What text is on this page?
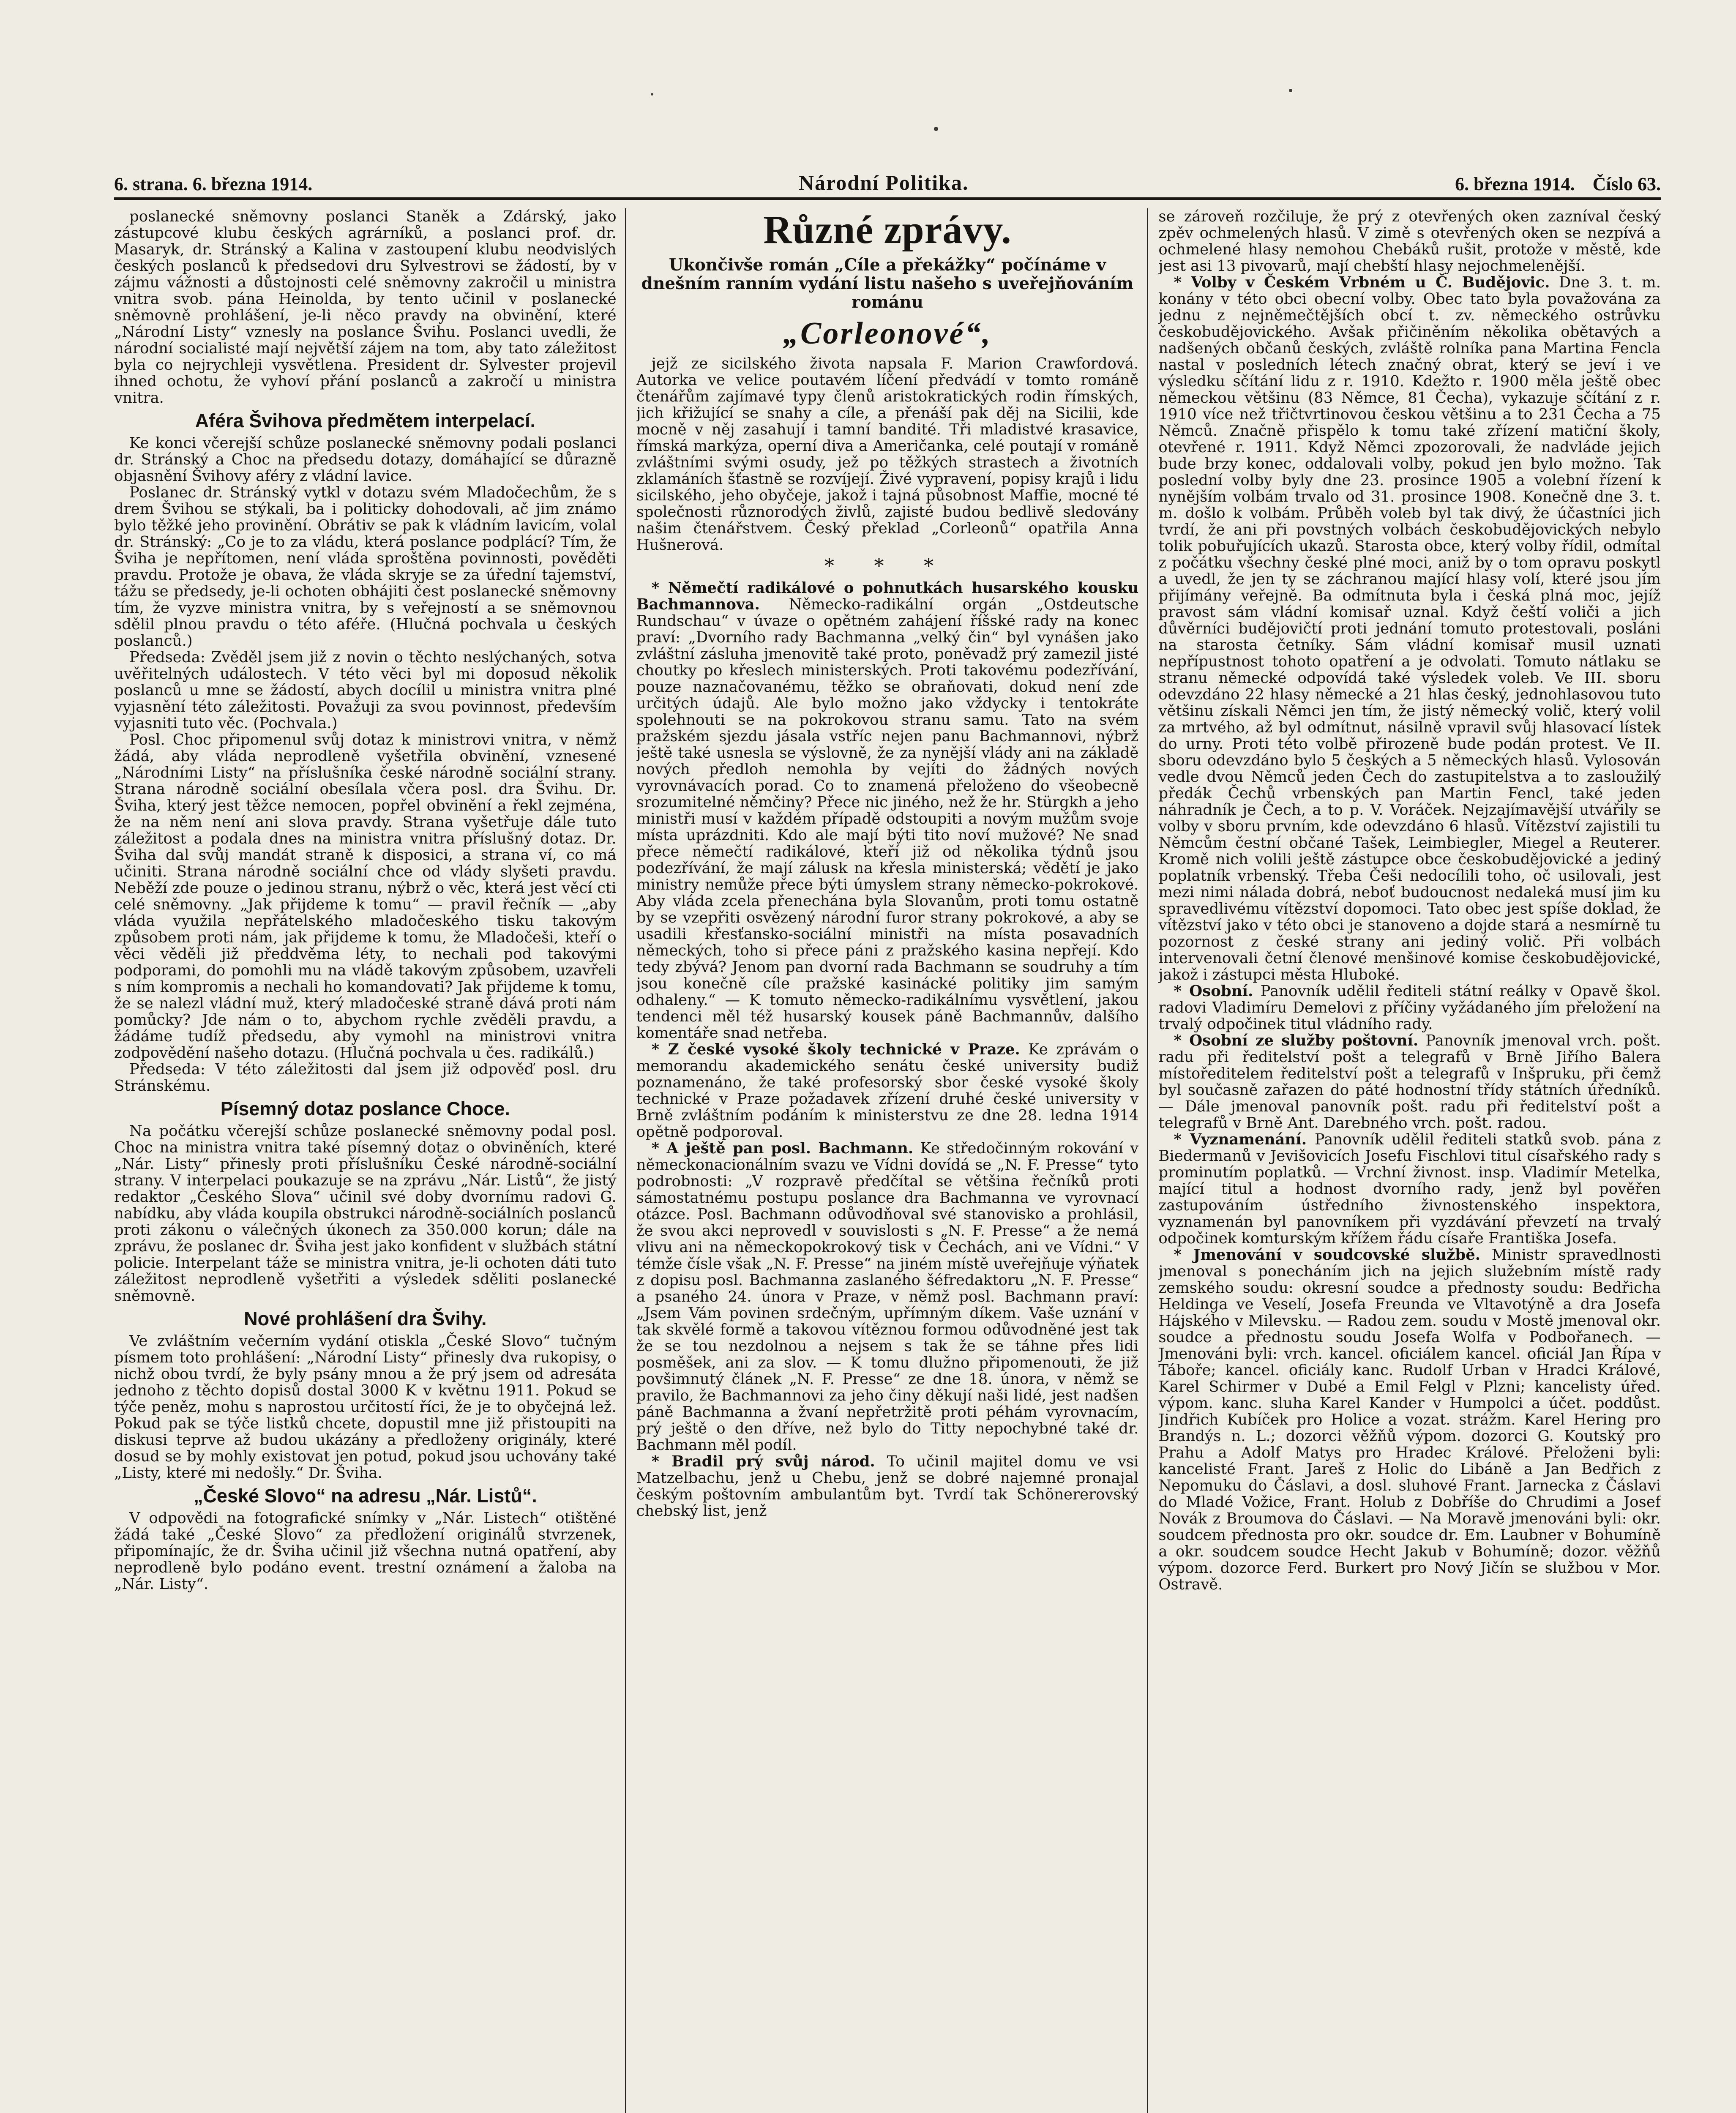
6. strana. 6. března 1914.	Národní Politika.	6. března 1914. Číslo 63.

poslanecké sněmovny poslanci Staněk a Zdárský, jako zástupcové klubu českých agrárníků, a poslanci prof. dr. Masaryk, dr. Stránský a Kalina v zastoupení klubu neodvislých českých poslanců k předsedovi dru Sylvestrovi se žádostí, by v zájmu vážnosti a důstojnosti celé sněmovny zakročil u ministra vnitra svob. pána Heinolda, by tento učinil v poslanecké sněmovně prohlášení, je-li něco pravdy na obvinění, které „Národní Listy“ vznesly na poslance Švihu. Poslanci uvedli, že národní socialisté mají největší zájem na tom, aby tato záležitost byla co nejrychleji vysvětlena. President dr. Sylvester projevil ihned ochotu, že vyhoví přání poslanců a zakročí u ministra vnitra.

Aféra Švihova předmětem interpelací.

Ke konci včerejší schůze poslanecké sněmovny podali poslanci dr. Stránský a Choc na předsedu dotazy, domáhající se důrazně objasnění Švihovy aféry z vládní lavice.

Poslanec dr. Stránský vytkl v dotazu svém Mladočechům, že s drem Švihou se stýkali, ba i politicky dohodovali, ač jim známo bylo těžké jeho provinění. Obrátiv se pak k vládním lavicím, volal dr. Stránský: „Co je to za vládu, která poslance podplácí? Tím, že Šviha je nepřítomen, není vláda sproštěna povinnosti, pověděti pravdu. Protože je obava, že vláda skryje se za úřední tajemství, tážu se předsedy, je-li ochoten obhájiti čest poslanecké sněmovny tím, že vyzve ministra vnitra, by s veřejností a se sněmovnou sdělil plnou pravdu o této aféře. (Hlučná pochvala u českých poslanců.)

Předseda: Zvěděl jsem již z novin o těchto neslýchaných, sotva uvěřitelných událostech. V této věci byl mi doposud několik poslanců u mne se žádostí, abych docílil u ministra vnitra plné vyjasnění této záležitosti. Považuji za svou povinnost, především vyjasniti tuto věc. (Pochvala.)

Posl. Choc připomenul svůj dotaz k ministrovi vnitra, v němž žádá, aby vláda neprodleně vyšetřila obvinění, vznesené „Národními Listy“ na příslušníka české národně sociální strany. Strana národně sociální obesílala včera posl. dra Švihu. Dr. Šviha, který jest těžce nemocen, popřel obvinění a řekl zejména, že na něm není ani slova pravdy. Strana vyšetřuje dále tuto záležitost a podala dnes na ministra vnitra příslušný dotaz. Dr. Šviha dal svůj mandát straně k disposici, a strana ví, co má učiniti. Strana národně sociální chce od vlády slyšeti pravdu. Neběží zde pouze o jedinou stranu, nýbrž o věc, která jest věcí cti celé sněmovny. „Jak přijdeme k tomu“ — pravil řečník — „aby vláda využila nepřátelského mladočeského tisku takovým způsobem proti nám, jak přijdeme k tomu, že Mladočeši, kteří o věci věděli již předdvěma léty, to nechali pod takovými podporami, do pomohli mu na vládě takovým způsobem, uzavřeli s ním kompromis a nechali ho komandovati? Jak přijdeme k tomu, že se nalezl vládní muž, který mladočeské straně dává proti nám pomůcky? Jde nám o to, abychom rychle zvěděli pravdu, a žádáme tudíž předsedu, aby vymohl na ministrovi vnitra zodpovědění našeho dotazu. (Hlučná pochvala u čes. radikálů.)

Předseda: V této záležitosti dal jsem již odpověď posl. dru Stránskému.

Písemný dotaz poslance Choce.

Na počátku včerejší schůze poslanecké sněmovny podal posl. Choc na ministra vnitra také písemný dotaz o obviněních, které „Nár. Listy“ přinesly proti příslušníku České národně-sociální strany. V interpelaci poukazuje se na zprávu „Nár. Listů“, že jistý redaktor „Českého Slova“ učinil své doby dvornímu radovi G. nabídku, aby vláda koupila obstrukci národně-sociálních poslanců proti zákonu o válečných úkonech za 350.000 korun; dále na zprávu, že poslanec dr. Šviha jest jako konfident v službách státní policie. Interpelant táže se ministra vnitra, je-li ochoten dáti tuto záležitost neprodleně vyšetřiti a výsledek sděliti poslanecké sněmovně.

Nové prohlášení dra Švihy.

Ve zvláštním večerním vydání otiskla „České Slovo“ tučným písmem toto prohlášení: „Národní Listy“ přinesly dva rukopisy, o nichž obou tvrdí, že byly psány mnou a že prý jsem od adresáta jednoho z těchto dopisů dostal 3000 K v květnu 1911. Pokud se týče peněz, mohu s naprostou určitostí říci, že je to obyčejná lež. Pokud pak se týče listků chcete, dopustil mne již přistoupiti na diskusi teprve až budou ukázány a předloženy originály, které dosud se by mohly existovat jen potud, pokud jsou uchovány také „Listy, které mi nedošly.“ Dr. Šviha.

„České Slovo“ na adresu „Nár. Listů“.

V odpovědi na fotografické snímky v „Nár. Listech“ otištěné žádá také „České Slovo“ za předložení originálů stvrzenek, připomínajíc, že dr. Šviha učinil již všechna nutná opatření, aby neprodleně bylo podáno event. trestní oznámení a žaloba na „Nár. Listy“.

Různé zprávy.

Ukončivše román „Cíle a překážky“ počínáme v dnešním ranním vydání listu našeho s uveřejňováním románu

„Corleonové“,

jejž ze sicilského života napsala F. Marion Crawfordová. Autorka ve velice poutavém líčení předvádí v tomto románě čtenářům zajímavé typy členů aristokratických rodin římských, jich křižující se snahy a cíle, a přenáší pak děj na Sicilii, kde mocně v něj zasahují i tamní bandité. Tři mladistvé krasavice, římská markýza, operní diva a Američanka, celé poutají v románě zvláštními svými osudy, jež po těžkých strastech a životních zklamáních šťastně se rozvíjejí. Živé vypravení, popisy krajů i lidu sicilského, jeho obyčeje, jakož i tajná působnost Maffie, mocné té společnosti různorodých živlů, zajisté budou bedlivě sledovány našim čtenářstvem. Český překlad „Corleonů“ opatřila Anna Hušnerová.

* * *

* Němečtí radikálové o pohnutkách husarského kousku Bachmannova. Německo-radikální orgán „Ostdeutsche Rundschau“ v úvaze o opětném zahájení říšské rady na konec praví: „Dvorního rady Bachmanna „velký čin“ byl vynášen jako zvláštní zásluha jmenovitě také proto, poněvadž prý zamezil jisté choutky po křeslech ministerských. Proti takovému podezřívání, pouze naznačovanému, těžko se obraňovati, dokud není zde určitých údajů. Ale bylo možno jako vždycky i tentokráte spolehnouti se na pokrokovou stranu samu. Tato na svém pražském sjezdu jásala vstříc nejen panu Bachmannovi, nýbrž ještě také usnesla se výslovně, že za nynější vlády ani na základě nových předloh nemohla by vejíti do žádných nových vyrovnávacích porad. Co to znamená přeloženo do všeobecně srozumitelné němčiny? Přece nic jiného, než že hr. Stürgkh a jeho ministři musí v každém případě odstoupiti a novým mužům svoje místa uprázdniti. Kdo ale mají býti tito noví mužové? Ne snad přece němečtí radikálové, kteří již od několika týdnů jsou podezřívání, že mají zálusk na křesla ministerská; vědětí je jako ministry nemůže přece býti úmyslem strany německo-pokrokové. Aby vláda zcela přenechána byla Slovanům, proti tomu ostatně by se vzepřiti osvězený národní furor strany pokrokové, a aby se usadili křesťansko-sociální ministři na místa posavadních německých, toho si přece páni z pražského kasina nepřejí. Kdo tedy zbývá? Jenom pan dvorní rada Bachmann se soudruhy a tím jsou konečně cíle pražské kasinácké politiky jim samým odhaleny.“ — K tomuto německo-radikálnímu vysvětlení, jakou tendenci měl též husarský kousek páně Bachmannův, dalšího komentáře snad netřeba.

* Z české vysoké školy technické v Praze. Ke zprávám o memorandu akademického senátu české university budiž poznamenáno, že také profesorský sbor české vysoké školy technické v Praze požadavek zřízení druhé české university v Brně zvláštním podáním k ministerstvu ze dne 28. ledna 1914 opětně podporoval.

* A ještě pan posl. Bachmann. Ke středočinným rokování v německonacionálním svazu ve Vídni dovídá se „N. F. Presse“ tyto podrobnosti: „V rozpravě předčítal se většina řečníků proti sámostatnému postupu poslance dra Bachmanna ve vyrovnací otázce. Posl. Bachmann odůvodňoval své stanovisko a prohlásil, že svou akci neprovedl v souvislosti s „N. F. Presse“ a že nemá vlivu ani na německopokrokový tisk v Čechách, ani ve Vídni.“ V témže čísle však „N. F. Presse“ na jiném místě uveřejňuje výňatek z dopisu posl. Bachmanna zaslaného šéfredaktoru „N. F. Presse“ a psaného 24. února v Praze, v němž posl. Bachmann praví: „Jsem Vám povinen srdečným, upřímným díkem. Vaše uznání v tak skvělé formě a takovou vítěznou formou odůvodněné jest tak že se tou nezdolnou a nejsem s tak že se táhne přes lidi posměšek, ani za slov. — K tomu dlužno připomenouti, že již povšimnutý článek „N. F. Presse“ ze dne 18. února, v němž se pravilo, že Bachmannovi za jeho činy děkují naši lidé, jest nadšen páně Bachmanna a žvaní nepřetržitě proti péhám vyrovnacím, prý ještě o den dříve, než bylo do Titty nepochybné také dr. Bachmann měl podíl.

* Bradil prý svůj národ. To učinil majitel domu ve vsi Matzelbachu, jenž u Chebu, jenž se dobré najemné pronajal českým poštovním ambulantům byt. Tvrdí tak Schönererovský chebský list, jenž

se zároveň rozčiluje, že prý z otevřených oken zazníval český zpěv ochmelených hlasů. V zimě s otevřených oken se nezpívá a ochmelené hlasy nemohou Chebáků rušit, protože v městě, kde jest asi 13 pivovarů, mají chebští hlasy nejochmelenější.

* Volby v Českém Vrbném u Č. Budějovic. Dne 3. t. m. konány v této obci obecní volby. Obec tato byla považována za jednu z nejněmečtějších obcí t. zv. německého ostrůvku českobudějovického. Avšak přičiněním několika obětavých a nadšených občanů českých, zvláště rolníka pana Martina Fencla nastal v posledních létech značný obrat, který se jeví i ve výsledku sčítání lidu z r. 1910. Kdežto r. 1900 měla ještě obec německou většinu (83 Němce, 81 Čecha), vykazuje sčítání z r. 1910 více než třičtvrtinovou českou většinu a to 231 Čecha a 75 Němců. Značně přispělo k tomu také zřízení matiční školy, otevřené r. 1911. Když Němci zpozorovali, že nadvláde jejich bude brzy konec, oddalovali volby, pokud jen bylo možno. Tak poslední volby byly dne 23. prosince 1905 a volební řízení k nynějším volbám trvalo od 31. prosince 1908. Konečně dne 3. t. m. došlo k volbám. Průběh voleb byl tak divý, že účastníci jich tvrdí, že ani při povstných volbách českobudějovických nebylo tolik pobuřujících ukazů. Starosta obce, který volby řídil, odmítal z počátku všechny české plné moci, aniž by o tom opravu poskytl a uvedl, že jen ty se záchranou mající hlasy volí, které jsou jím přijímány veřejně. Ba odmítnuta byla i česká plná moc, jejíž pravost sám vládní komisař uznal. Když čeští voliči a jich důvěrníci budějovičtí proti jednání tomuto protestovali, posláni na starosta četníky. Sám vládní komisař musil uznati nepřípustnost tohoto opatření a je odvolati. Tomuto nátlaku se stranu německé odpovídá také výsledek voleb. Ve III. sboru odevzdáno 22 hlasy německé a 21 hlas český, jednohlasovou tuto většinu získali Němci jen tím, že jistý německý volič, který volil za mrtvého, až byl odmítnut, násilně vpravil svůj hlasovací lístek do urny. Proti této volbě přirozeně bude podán protest. Ve II. sboru odevzdáno bylo 5 českých a 5 německých hlasů. Vylosován vedle dvou Němců jeden Čech do zastupitelstva a to zasloužilý předák Čechů vrbenských pan Martin Fencl, také jeden náhradník je Čech, a to p. V. Voráček. Nejzajímavější utvářily se volby v sboru prvním, kde odevzdáno 6 hlasů. Vítězství zajistili tu Němcům čestní občané Tašek, Leimbiegler, Miegel a Reuterer. Kromě nich volili ještě zástupce obce českobudějovické a jediný poplatník vrbenský. Třeba Češi nedocílili toho, oč usilovali, jest mezi nimi náladа dobrá, neboť budoucnost nedaleká musí jim ku spravedlivému vítězství dopomoci. Tato obec jest spíše doklad, že vítězství jako v této obci je stanoveno a dojde stará a nesmírně tu pozornost z české strany ani jediný volič. Při volbách intervenovali četní členové menšinové komise českobudějovické, jakož i zástupci města Hluboké.

* Osobní. Panovník udělil řediteli státní reálky v Opavě škol. radovi Vladimíru Demelovi z příčiny vyžádaného jím přeložení na trvalý odpočinek titul vládního rady.

* Osobní ze služby poštovní. Panovník jmenoval vrch. pošt. radu při ředitelství pošt a telegrafů v Brně Jiřího Balera místoředitelem ředitelství pošt a telegrafů v Inšpruku, při čemž byl současně zařazen do páté hodnostní třídy státních úředníků. — Dále jmenoval panovník pošt. radu při ředitelství pošt a telegrafů v Brně Ant. Darebného vrch. pošt. radou.

* Vyznamenání. Panovník udělil řediteli statků svob. pána z Biedermanů v Jevišovicích Josefu Fischlovi titul císařského rady s prominutím poplatků. — Vrchní živnost. insp. Vladimír Metelka, mající titul a hodnost dvorního rady, jenž byl pověřen zastupováním ústředního živnostenského inspektora, vyznamenán byl panovníkem při vyzdávání převzetí na trvalý odpočinek komturským křížem řádu císaře Františka Josefa.

* Jmenování v soudcovské službě. Ministr spravedlnosti jmenoval s ponecháním jich na jejich služebním místě rady zemského soudu: okresní soudce a přednosty soudu: Bedřicha Heldinga ve Veselí, Josefa Freunda ve Vltavotýně a dra Josefa Hájského v Milevsku. — Radou zem. soudu v Mostě jmenoval okr. soudce a přednostu soudu Josefa Wolfa v Podbořanech. — Jmenováni byli: vrch. kancel. oficiálem kancel. oficiál Jan Řípa v Táboře; kancel. oficiály kanc. Rudolf Urban v Hradci Králové, Karel Schirmer v Dubé a Emil Felgl v Plzni; kancelisty úřed. výpom. kanc. sluha Karel Kander v Humpolci a účet. poddůst. Jindřich Kubíček pro Holice a vozat. strážm. Karel Hering pro Brandýs n. L.; dozorci věžňů výpom. dozorci G. Koutský pro Prahu a Adolf Matys pro Hradec Králové. Přeloženi byli: kancelisté Frant. Jareš z Holic do Libáně a Jan Bedřich z Nepomuku do Čáslavi, a dosl. sluhové Frant. Jarnecka z Čáslavi do Mladé Vožice, Frant. Holub z Dobříše do Chrudimi a Josef Novák z Broumova do Čáslavi. — Na Moravě jmenováni byli: okr. soudcem přednosta pro okr. soudce dr. Em. Laubner v Bohumíně a okr. soudcem soudce Hecht Jakub v Bohumíně; dozor. věžňů výpom. dozorce Ferd. Burkert pro Nový Jičín se službou v Mor. Ostravě.
